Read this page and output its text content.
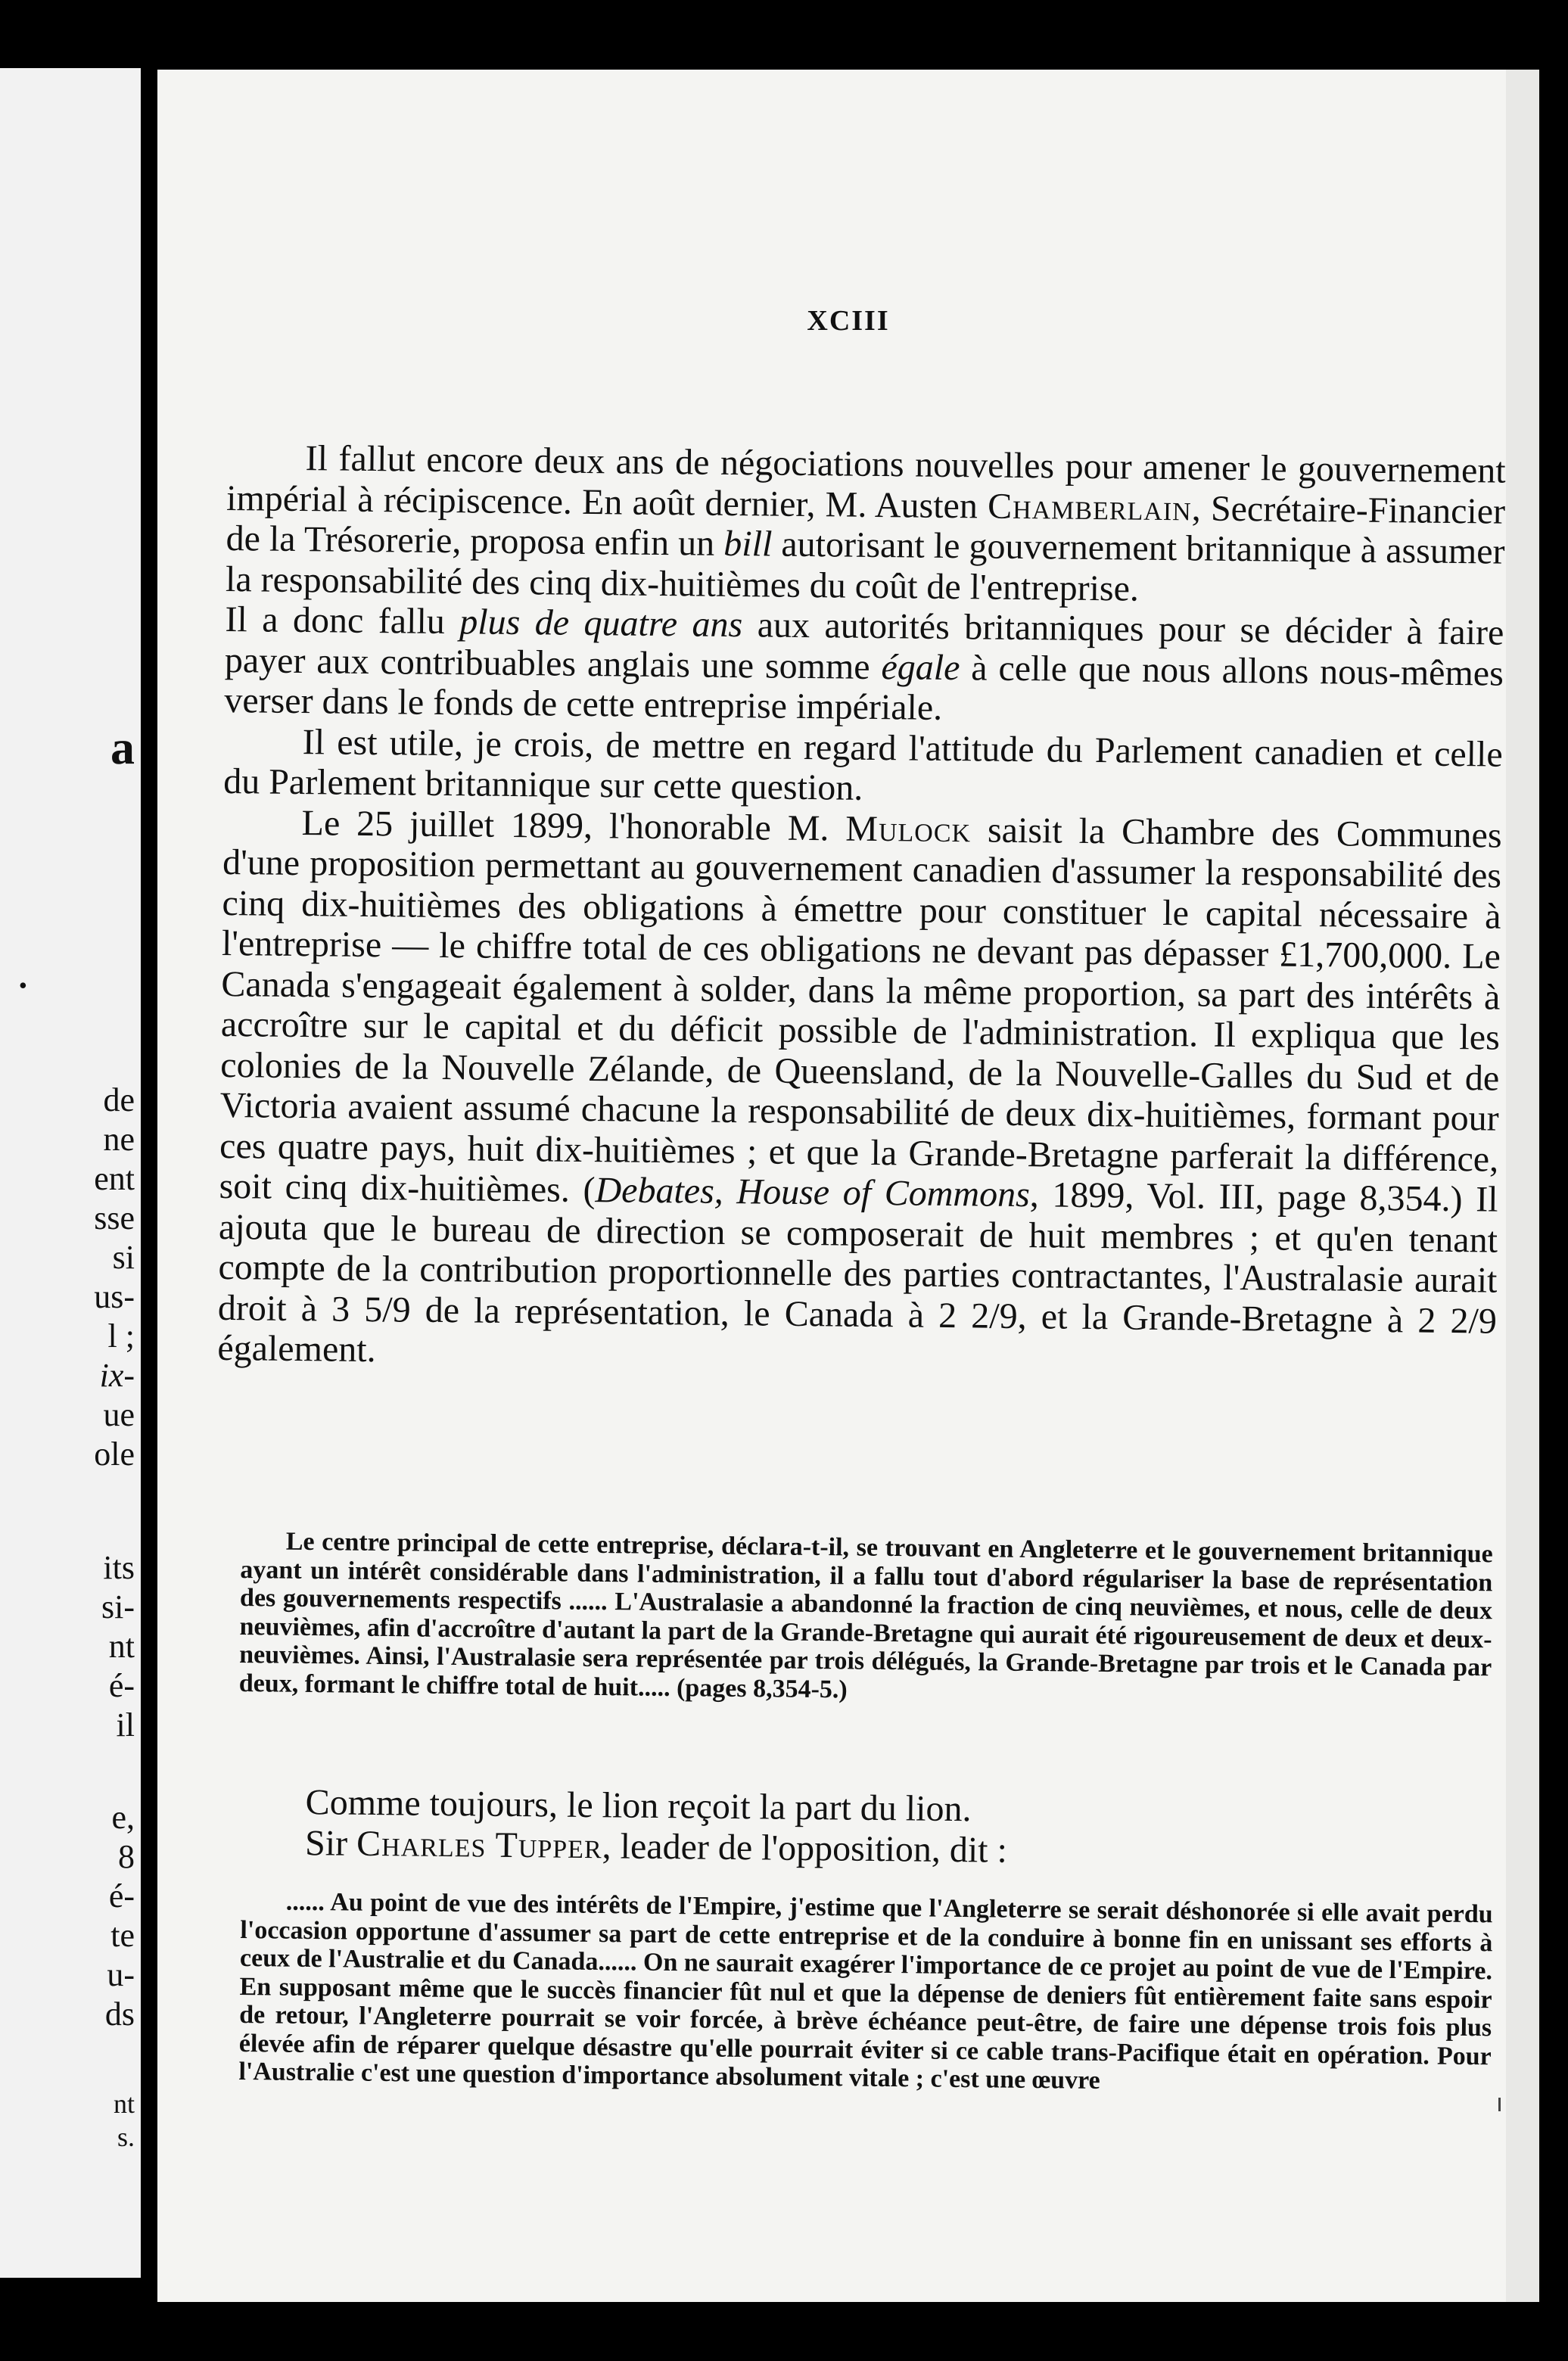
a
•
de
ne
ent
sse
si
us-
l ;
ix-
ue
ole
its
si-
nt
é-
il
e,
8
é-
te
u-
ds
nt
s.
XCIII

Il fallut encore deux ans de négociations nouvelles pour amener le gouvernement impérial à récipiscence. En août dernier, M. Austen Chamberlain, Secrétaire-Financier de la Trésorerie, proposa enfin un bill autorisant le gouvernement britannique à assumer la responsabilité des cinq dix-huitièmes du coût de l'entreprise.

Il a donc fallu plus de quatre ans aux autorités britanniques pour se décider à faire payer aux contribuables anglais une somme égale à celle que nous allons nous-mêmes verser dans le fonds de cette entreprise impériale.

Il est utile, je crois, de mettre en regard l'attitude du Parlement canadien et celle du Parlement britannique sur cette question.

Le 25 juillet 1899, l'honorable M. Mulock saisit la Chambre des Communes d'une proposition permettant au gouvernement canadien d'assumer la responsabilité des cinq dix-huitièmes des obligations à émettre pour constituer le capital nécessaire à l'entreprise — le chiffre total de ces obligations ne devant pas dépasser £1,700,000. Le Canada s'engageait également à solder, dans la même proportion, sa part des intérêts à accroître sur le capital et du déficit possible de l'administration. Il expliqua que les colonies de la Nouvelle Zélande, de Queensland, de la Nouvelle-Galles du Sud et de Victoria avaient assumé chacune la responsabilité de deux dix-huitièmes, formant pour ces quatre pays, huit dix-huitièmes ; et que la Grande-Bretagne parferait la différence, soit cinq dix-huitièmes. (Debates, House of Commons, 1899, Vol. III, page 8,354.) Il ajouta que le bureau de direction se composerait de huit membres ; et qu'en tenant compte de la contribution proportionnelle des parties contractantes, l'Australasie aurait droit à 3 5/9 de la représentation, le Canada à 2 2/9, et la Grande-Bretagne à 2 2/9 également.

Le centre principal de cette entreprise, déclara-t-il, se trouvant en Angleterre et le gouvernement britannique ayant un intérêt considérable dans l'administration, il a fallu tout d'abord régulariser la base de représentation des gouvernements respectifs ...... L'Australasie a abandonné la fraction de cinq neuvièmes, et nous, celle de deux neuvièmes, afin d'accroître d'autant la part de la Grande-Bretagne qui aurait été rigoureusement de deux et deux-neuvièmes. Ainsi, l'Australasie sera représentée par trois délégués, la Grande-Bretagne par trois et le Canada par deux, formant le chiffre total de huit..... (pages 8,354-5.)

Comme toujours, le lion reçoit la part du lion.

Sir Charles Tupper, leader de l'opposition, dit :

...... Au point de vue des intérêts de l'Empire, j'estime que l'Angleterre se serait déshonorée si elle avait perdu l'occasion opportune d'assumer sa part de cette entreprise et de la conduire à bonne fin en unissant ses efforts à ceux de l'Australie et du Canada...... On ne saurait exagérer l'importance de ce projet au point de vue de l'Empire. En supposant même que le succès financier fût nul et que la dépense de deniers fût entièrement faite sans espoir de retour, l'Angleterre pourrait se voir forcée, à brève échéance peut-être, de faire une dépense trois fois plus élevée afin de réparer quelque désastre qu'elle pourrait éviter si ce cable trans-Pacifique était en opération. Pour l'Australie c'est une question d'importance absolument vitale ; c'est une œuvre
